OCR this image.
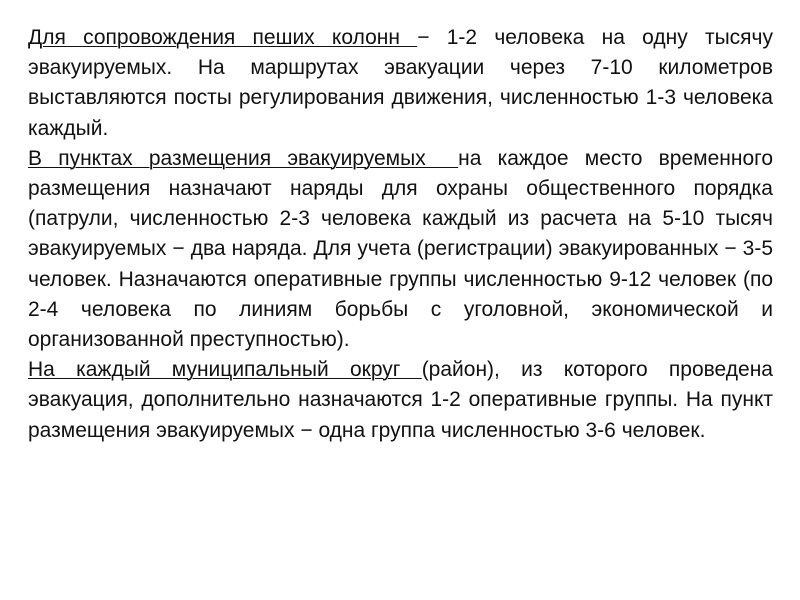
Для сопровождения пеших колонн − 1-2 человека на одну тысячу эвакуируемых. На маршрутах эвакуации через 7-10 километров выставляются посты регулирования движения, численностью 1-3 человека каждый.

В пунктах размещения эвакуируемых  на каждое место временного размещения назначают наряды для охраны общественного порядка (патрули, численностью 2-3 человека каждый из расчета на 5-10 тысяч эвакуируемых − два наряда. Для учета (регистрации) эвакуированных − 3-5 человек. Назначаются оперативные группы численностью 9-12 человек (по 2-4 человека по линиям борьбы с уголовной, экономической и организованной преступностью).

На каждый муниципальный округ (район), из которого проведена эвакуация, дополнительно назначаются 1-2 оперативные группы. На пункт размещения эвакуируемых − одна группа численностью 3-6 человек.
